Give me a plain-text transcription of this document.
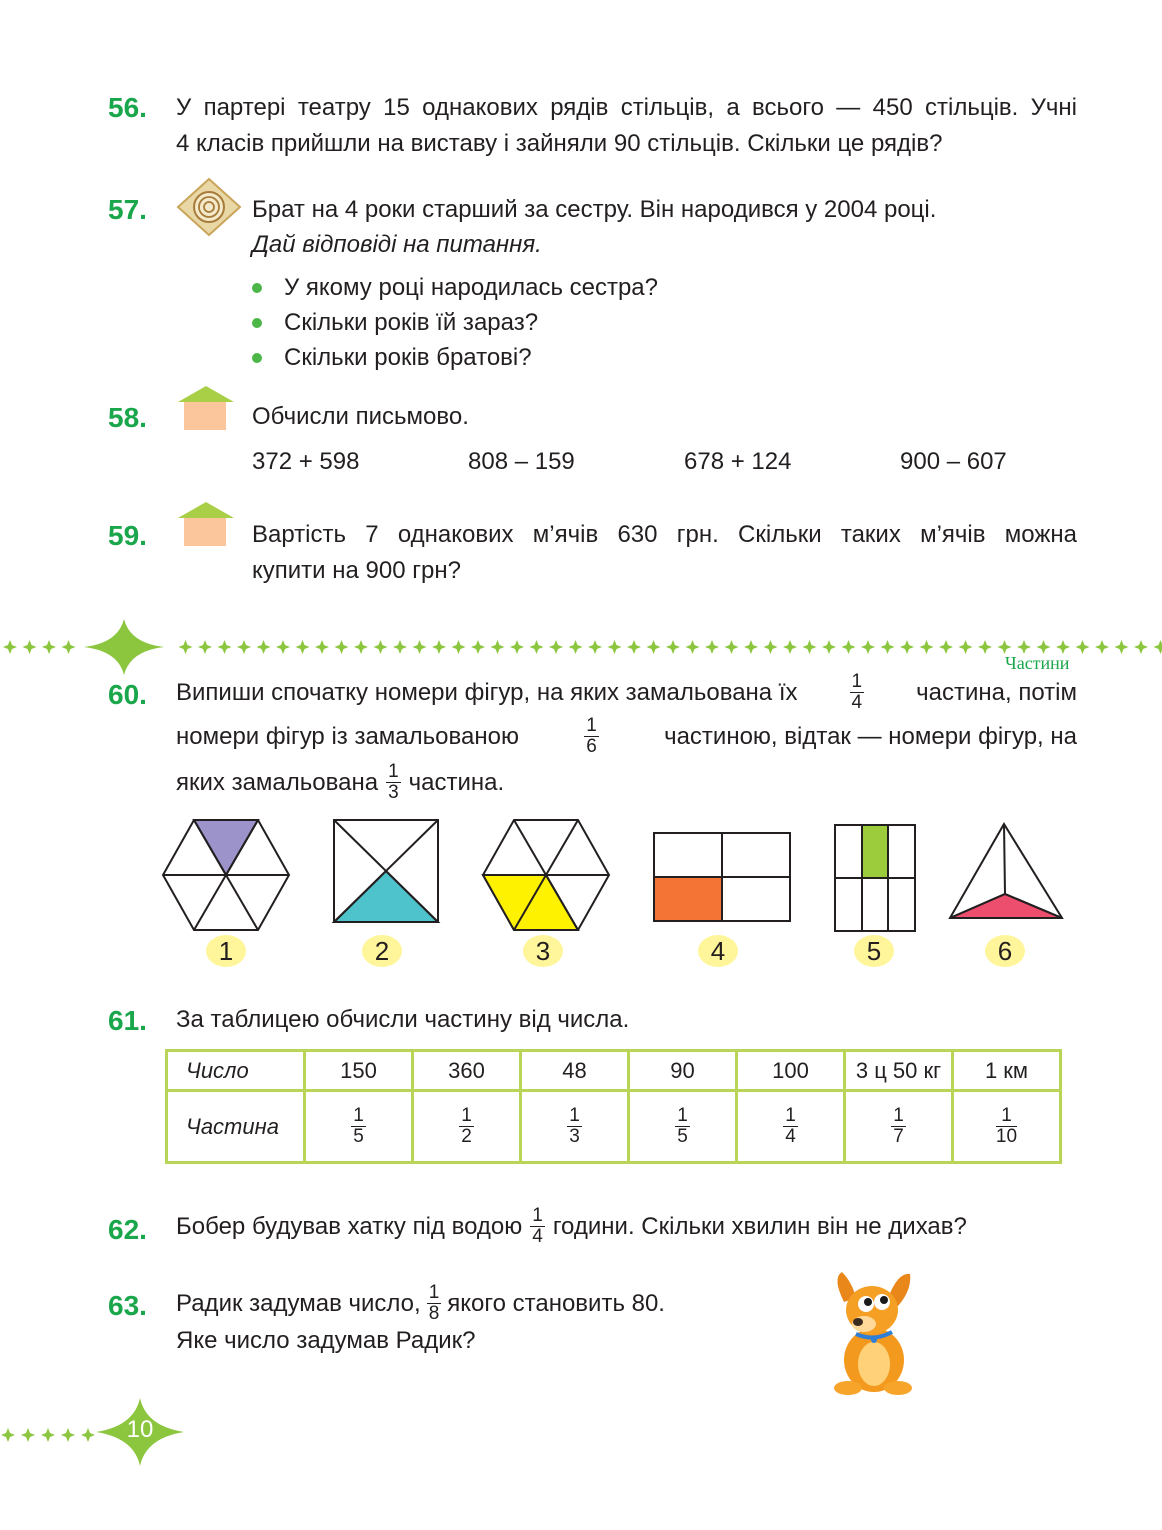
56. У партері театру 15 однакових рядів стільців, а всього — 450 стільців. Учні
4 класів прийшли на виставу і зайняли 90 стільців. Скільки це рядів?
57.	Брат на 4 роки старший за сестру. Він народився у 2004 році.
Дай відповіді на питання.
У якому році народилась сестра?
Скільки років їй зараз?
Скільки років братові?
58.	Обчисли письмово.
372 + 598	808 – 159	678 + 124	900 – 607
59.	Вартість 7 однакових м’ячів 630 грн. Скільки таких м’ячів можна
купити на 900 грн?
Частини
60. Випиши спочатку номери фігур, на яких замальована їх	$\frac{1}{4}$ частина, потім
номери фігур із замальованою	$\frac{1}{6}$	частиною, відтак — номери фігур, на
яких замальована $\frac{1}{3}$ частина.
1	2	3	4	5	6
61. За таблицею обчисли частину від числа.
Число	150	360	48	90	100	3 ц 50 кг	1 км
Частина	$\frac{1}{5}$	$\frac{1}{2}$	$\frac{1}{3}$	$\frac{1}{5}$	$\frac{1}{4}$	$\frac{1}{7}$	$\frac{1}{10}$
62. Бобер будував хатку під водою $\frac{1}{4}$ години. Скільки хвилин він не дихав?
63. Радик задумав число, $\frac{1}{8}$ якого становить 80.
Яке число задумав Радик?
10
